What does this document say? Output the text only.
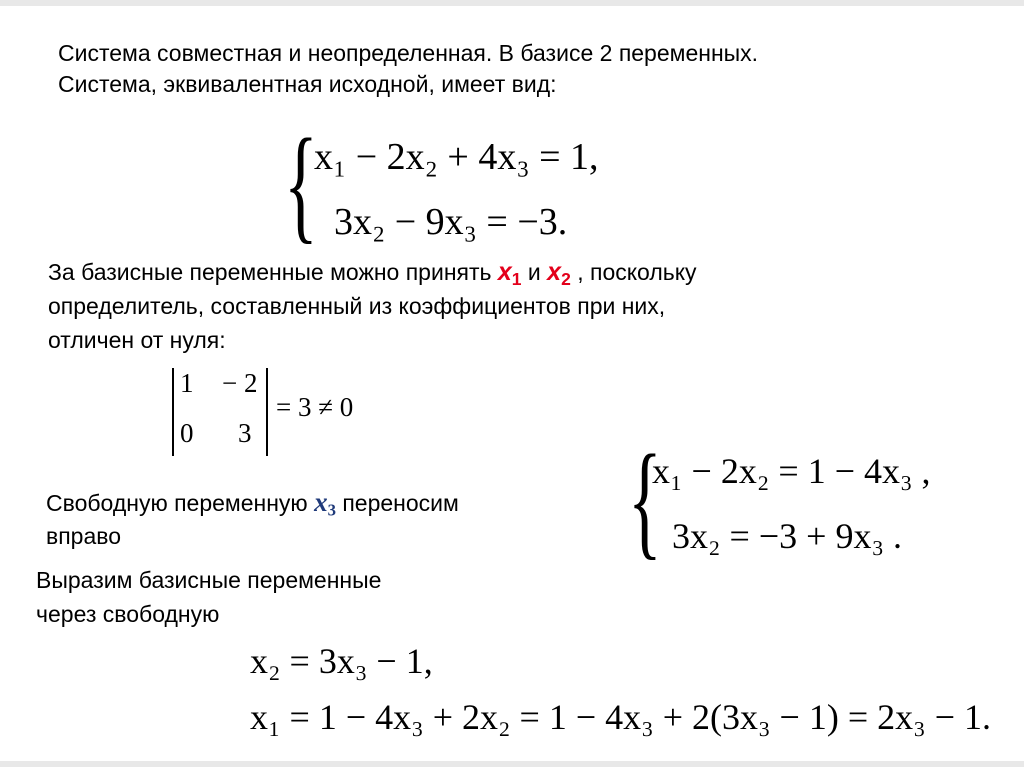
Система совместная и неопределенная. В базисе 2 переменных.
Система, эквивалентная исходной, имеет вид:
{
x₁ − 2x₂ + 4x₃ = 1,
3x₂ − 9x₃ = −3.
За базисные переменные можно принять $x_1$ и $x_2$ , поскольку
определитель, составленный из коэффициентов при них,
отличен от нуля:
1 − 2
0 3
= 3 ≠ 0
{
x₁ − 2x₂ = 1 − 4x₃ ,
3x₂ = −3 + 9x₃ .
Свободную переменную $x_3$ переносим
вправо
Выразим базисные переменные
через свободную
x₂ = 3x₃ − 1,
x₁ = 1 − 4x₃ + 2x₂ = 1 − 4x₃ + 2(3x₃ − 1) = 2x₃ − 1.
